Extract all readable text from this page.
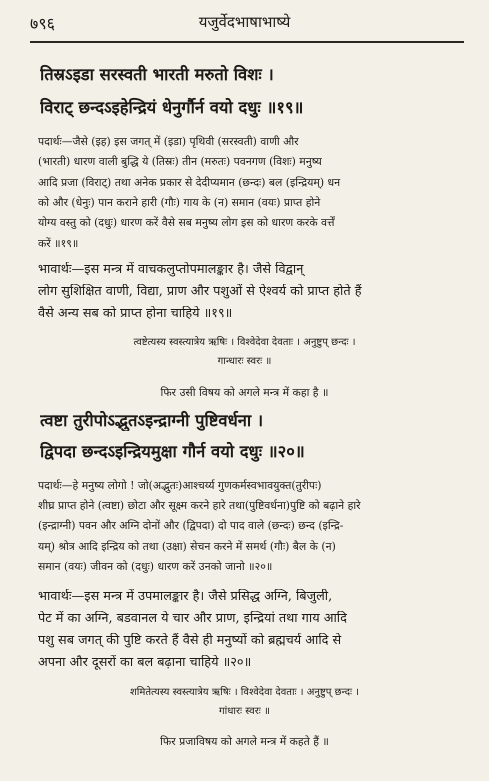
७९६	यजुर्वेदभाषाभाष्ये
तिस्रऽइडा सरस्वती भारती मरुतो विशः ।
विराट् छन्दऽइहेन्द्रियं धेनुर्गौर्न वयो दधुः ॥१९॥
पदार्थः—जैसे (इह) इस जगत् में (इडा) पृथिवी (सरस्वती) वाणी और
(भारती) धारण वाली बुद्धि ये (तिस्रः) तीन (मरुतः) पवनगण (विशः) मनुष्य
आदि प्रजा (विराट्) तथा अनेक प्रकार से देदीप्यमान (छन्दः) बल (इन्द्रियम्) धन
को और (धेनुः) पान कराने हारी (गौः) गाय के (न) समान (वयः) प्राप्त होने
योग्य वस्तु को (दधुः) धारण करें वैसे सब मनुष्य लोग इस को धारण करके वर्त्तें
करें ॥१९॥
भावार्थः—इस मन्त्र में वाचकलुप्तोपमालङ्कार है। जैसे विद्वान्
लोग सुशिक्षित वाणी, विद्या, प्राण और पशुओं से ऐश्वर्य को प्राप्त होते हैं
वैसे अन्य सब को प्राप्त होना चाहिये ॥१९॥
त्वष्टेत्यस्य स्वस्त्यात्रेय ऋषिः । विश्वेदेवा देवताः । अनुष्टुप् छन्दः ।
गान्धारः स्वरः ॥
फिर उसी विषय को अगले मन्त्र में कहा है ॥
त्वष्टा तुरीपोऽद्भुतऽइन्द्राग्नी पुष्टिवर्धना ।
द्विपदा छन्दऽइन्द्रियमुक्षा गौर्न वयो दधुः ॥२०॥
पदार्थः—हे मनुष्य लोगो ! जो(अद्भुतः)आश्चर्य्य गुणकर्मस्वभावयुक्त(तुरीपः)
शीघ्र प्राप्त होने (त्वष्टा) छोटा और सूक्ष्म करने हारे तथा(पुष्टिवर्धना)पुष्टि को बढ़ाने हारे
(इन्द्राग्नी) पवन और अग्नि दोनों और (द्विपदा) दो पाद वाले (छन्दः) छन्द (इन्द्रि-
यम्) श्रोत्र आदि इन्द्रिय को तथा (उक्षा) सेचन करने में समर्थ (गौः) बैल के (न)
समान (वयः) जीवन को (दधुः) धारण करें उनको जानो ॥२०॥
भावार्थः—इस मन्त्र में उपमालङ्कार है। जैसे प्रसिद्ध अग्नि, बिजुली,
पेट में का अग्नि, बडवानल ये चार और प्राण, इन्द्रियां तथा गाय आदि
पशु सब जगत् की पुष्टि करते हैं वैसे ही मनुष्यों को ब्रह्मचर्य आदि से
अपना और दूसरों का बल बढ़ाना चाहिये ॥२०॥
शमितेत्यस्य स्वस्त्यात्रेय ऋषिः । विश्वेदेवा देवताः । अनुष्टुप् छन्दः ।
गांधारः स्वरः ॥
फिर प्रजाविषय को अगले मन्त्र में कहते हैं ॥
